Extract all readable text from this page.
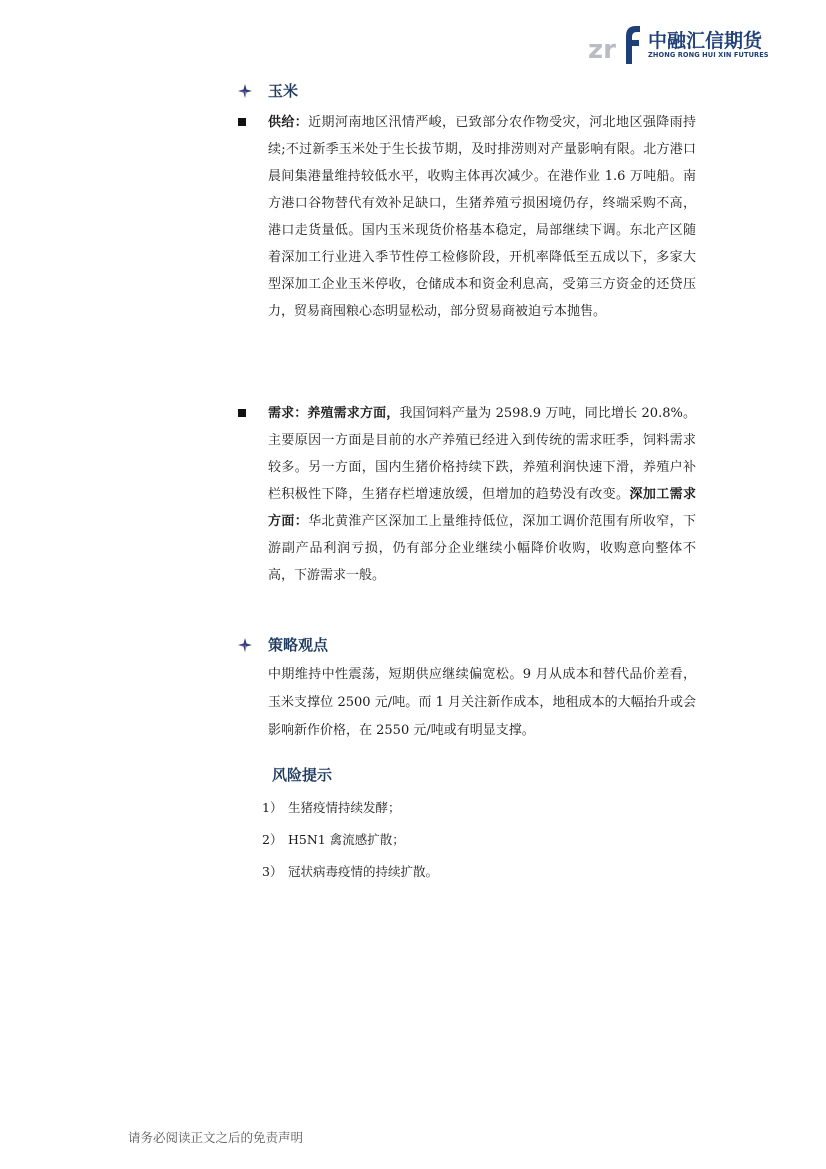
zr 中融汇信期货
ZHONG RONG HUI XIN FUTURES
玉米
供给：近期河南地区汛情严峻，已致部分农作物受灾，河北地区强降雨持续;不过新季玉米处于生长拔节期，及时排涝则对产量影响有限。北方港口晨间集港量维持较低水平，收购主体再次减少。在港作业 1.6 万吨船。南方港口谷物替代有效补足缺口，生猪养殖亏损困境仍存，终端采购不高，港口走货量低。国内玉米现货价格基本稳定，局部继续下调。东北产区随着深加工行业进入季节性停工检修阶段，开机率降低至五成以下，多家大型深加工企业玉米停收，仓储成本和资金利息高，受第三方资金的还贷压力，贸易商囤粮心态明显松动，部分贸易商被迫亏本抛售。
需求：养殖需求方面，我国饲料产量为 2598.9 万吨，同比增长 20.8%。主要原因一方面是目前的水产养殖已经进入到传统的需求旺季，饲料需求较多。另一方面，国内生猪价格持续下跌，养殖利润快速下滑，养殖户补栏积极性下降，生猪存栏增速放缓，但增加的趋势没有改变。深加工需求方面：华北黄淮产区深加工上量维持低位，深加工调价范围有所收窄，下游副产品利润亏损，仍有部分企业继续小幅降价收购，收购意向整体不高，下游需求一般。
策略观点
中期维持中性震荡，短期供应继续偏宽松。9 月从成本和替代品价差看，玉米支撑位 2500 元/吨。而 1 月关注新作成本，地租成本的大幅抬升或会影响新作价格，在 2550 元/吨或有明显支撑。
风险提示
1） 生猪疫情持续发酵；
2） H5N1 禽流感扩散；
3） 冠状病毒疫情的持续扩散。
请务必阅读正文之后的免责声明
